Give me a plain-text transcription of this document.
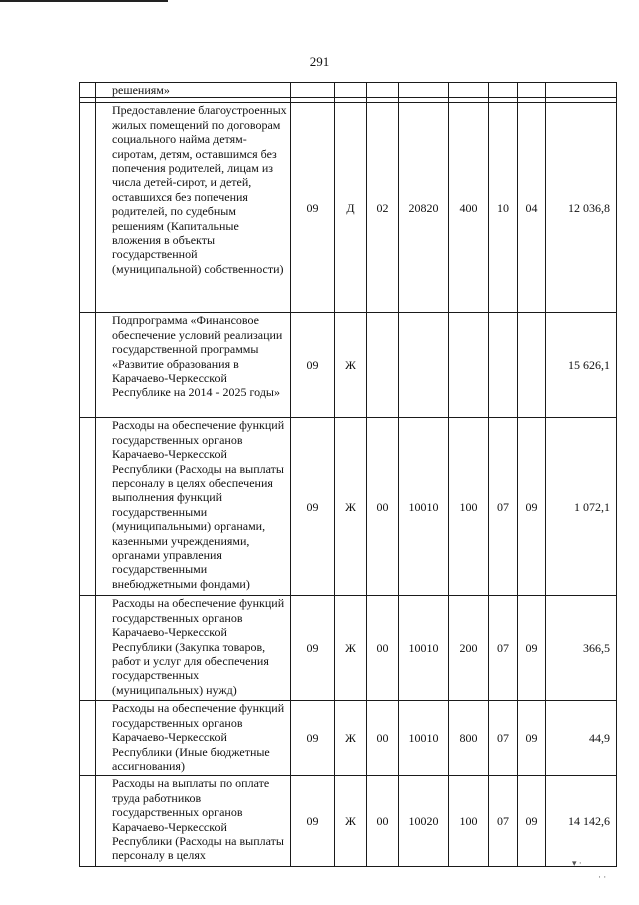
291
	решениям»								

	Предоставление благоустроенных жилых помещений по договорам социального найма детям-сиротам, детям, оставшимся без попечения родителей, лицам из числа детей-сирот, и детей, оставшихся без попечения родителей, по судебным решениям (Капитальные вложения в объекты государственной (муниципальной) собственности)	09	Д	02	20820	400	10	04	12 036,8
	Подпрограмма «Финансовое обеспечение условий реализации государственной программы «Развитие образования в Карачаево-Черкесской Республике на 2014 - 2025 годы»	09	Ж						15 626,1
	Расходы на обеспечение функций государственных органов Карачаево-Черкесской Республики (Расходы на выплаты персоналу в целях обеспечения выполнения функций государственными (муниципальными) органами, казенными учреждениями, органами управления государственными внебюджетными фондами)	09	Ж	00	10010	100	07	09	1 072,1
	Расходы на обеспечение функций государственных органов Карачаево-Черкесской Республики (Закупка товаров, работ и услуг для обеспечения государственных (муниципальных) нужд)	09	Ж	00	10010	200	07	09	366,5
	Расходы на обеспечение функций государственных органов Карачаево-Черкесской Республики (Иные бюджетные ассигнования)	09	Ж	00	10010	800	07	09	44,9
	Расходы на выплаты по оплате труда работников государственных органов Карачаево-Черкесской Республики (Расходы на выплаты персоналу в целях	09	Ж	00	10020	100	07	09	14 142,6
▾ ·
· ·
